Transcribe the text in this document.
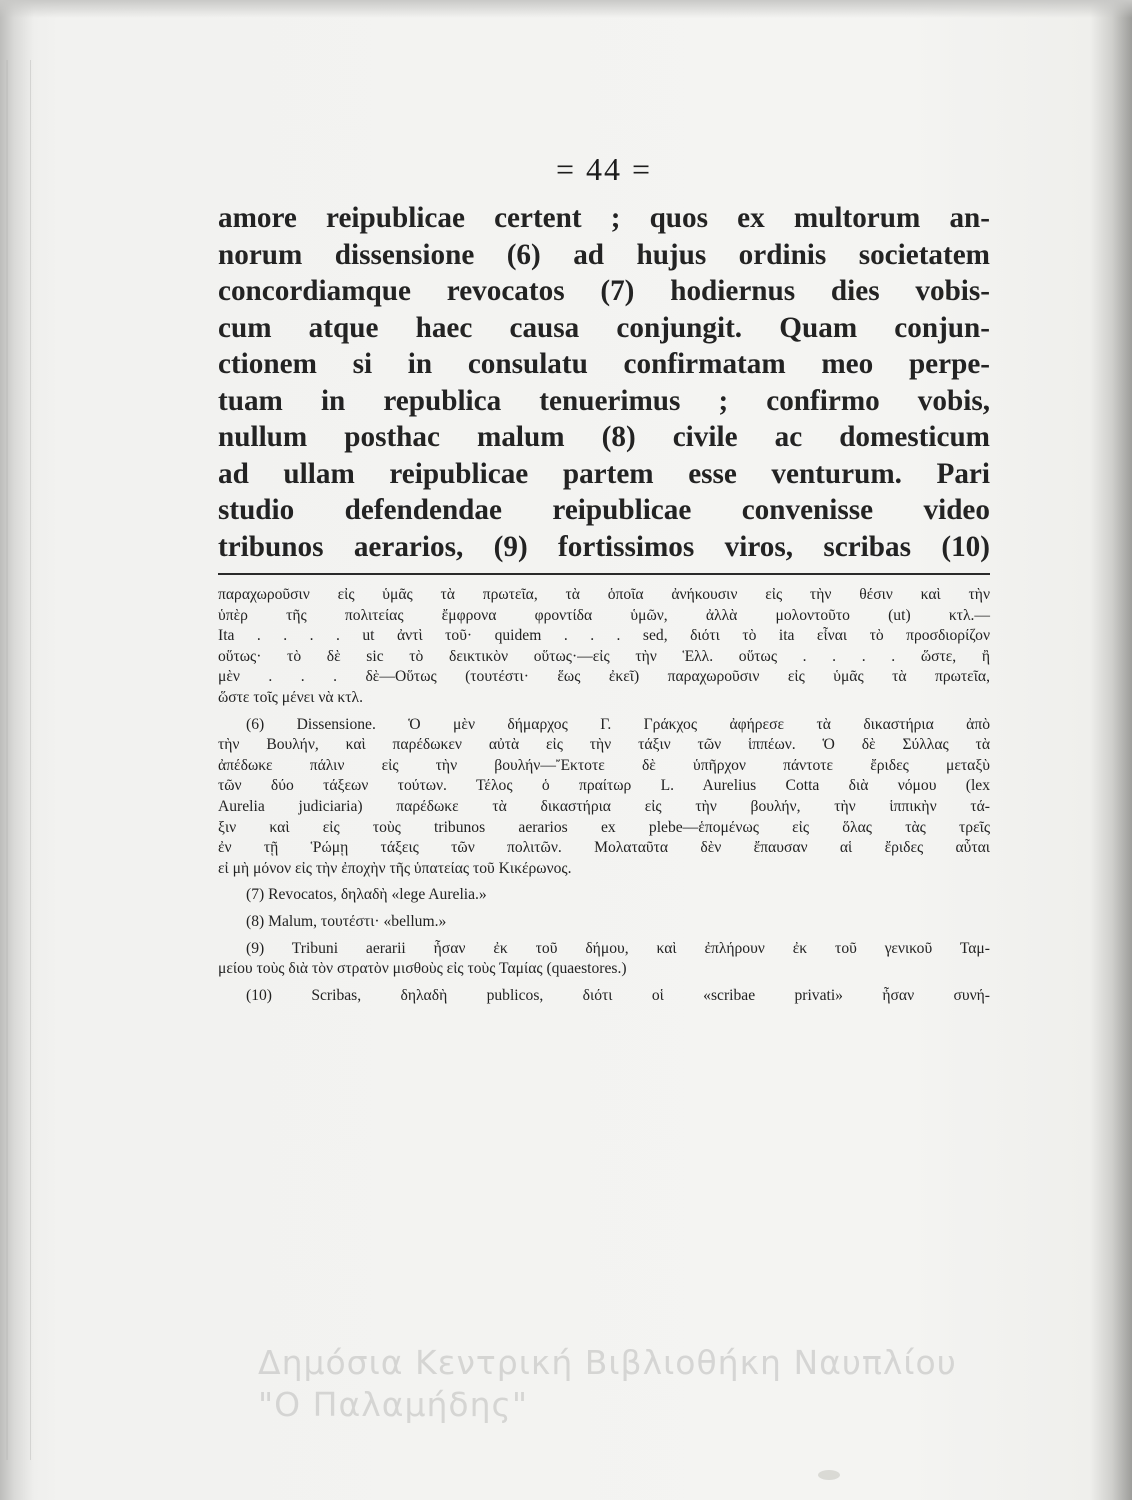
= 44 =
amore reipublicae certent ; quos ex multorum an-
norum dissensione (6) ad hujus ordinis societatem
concordiamque revocatos (7) hodiernus dies vobis-
cum atque haec causa conjungit. Quam conjun-
ctionem si in consulatu confirmatam meo perpe-
tuam in republica tenuerimus ; confirmo vobis,
nullum posthac malum (8) civile ac domesticum
ad ullam reipublicae partem esse venturum. Pari
studio defendendae reipublicae convenisse video
tribunos aerarios, (9) fortissimos viros, scribas (10)
παραχωροῦσιν εἰς ὑμᾶς τὰ πρωτεῖα, τὰ ὁποῖα ἀνήκουσιν εἰς τὴν θέσιν καὶ τὴν
ὑπὲρ τῆς πολιτείας ἔμφρονα φροντίδα ὑμῶν, ἀλλὰ μολοντοῦτο (ut) κτλ.—
Ita . . . . ut ἀντὶ τοῦ· quidem . . . sed, διότι τὸ ita εἶναι τὸ προσδιορίζον
οὕτως· τὸ δὲ sic τὸ δεικτικὸν οὕτως·—εἰς τὴν Ἑλλ. οὕτως . . . . ὥστε, ἢ
μὲν . . . δὲ—Οὕτως (τουτέστι· ἕως ἐκεῖ) παραχωροῦσιν εἰς ὑμᾶς τὰ πρωτεῖα,
ὥστε τοῖς μένει νὰ κτλ.
(6) Dissensione. Ὁ μὲν δήμαρχος Γ. Γράκχος ἀφήρεσε τὰ δικαστήρια ἀπὸ
τὴν Βουλήν, καὶ παρέδωκεν αὐτὰ εἰς τὴν τάξιν τῶν ἱππέων. Ὁ δὲ Σύλλας τὰ
ἀπέδωκε πάλιν εἰς τὴν βουλήν—Ἔκτοτε δὲ ὑπῆρχον πάντοτε ἔριδες μεταξὺ
τῶν δύο τάξεων τούτων. Τέλος ὁ πραίτωρ L. Aurelius Cotta διὰ νόμου (lex
Aurelia judiciaria) παρέδωκε τὰ δικαστήρια εἰς τὴν βουλήν, τὴν ἱππικὴν τά-
ξιν καὶ εἰς τοὺς tribunos aerarios ex plebe—ἑπομένως εἰς ὅλας τὰς τρεῖς
ἐν τῇ Ῥώμῃ τάξεις τῶν πολιτῶν. Μολαταῦτα δὲν ἔπαυσαν αἱ ἔριδες αὗται
εἰ μὴ μόνον εἰς τὴν ἐποχὴν τῆς ὑπατείας τοῦ Κικέρωνος.
(7) Revocatos, δηλαδὴ «lege Aurelia.»
(8) Malum, τουτέστι· «bellum.»
(9) Tribuni aerarii ἦσαν ἐκ τοῦ δήμου, καὶ ἐπλήρουν ἐκ τοῦ γενικοῦ Ταμ-
μείου τοὺς διὰ τὸν στρατὸν μισθοὺς εἰς τοὺς Ταμίας (quaestores.)
(10) Scribas, δηλαδὴ publicos, διότι οἱ «scribae privati» ἦσαν συνή-
Δημόσια Κεντρική Βιβλιοθήκη Ναυπλίου
"Ο Παλαμήδης"
